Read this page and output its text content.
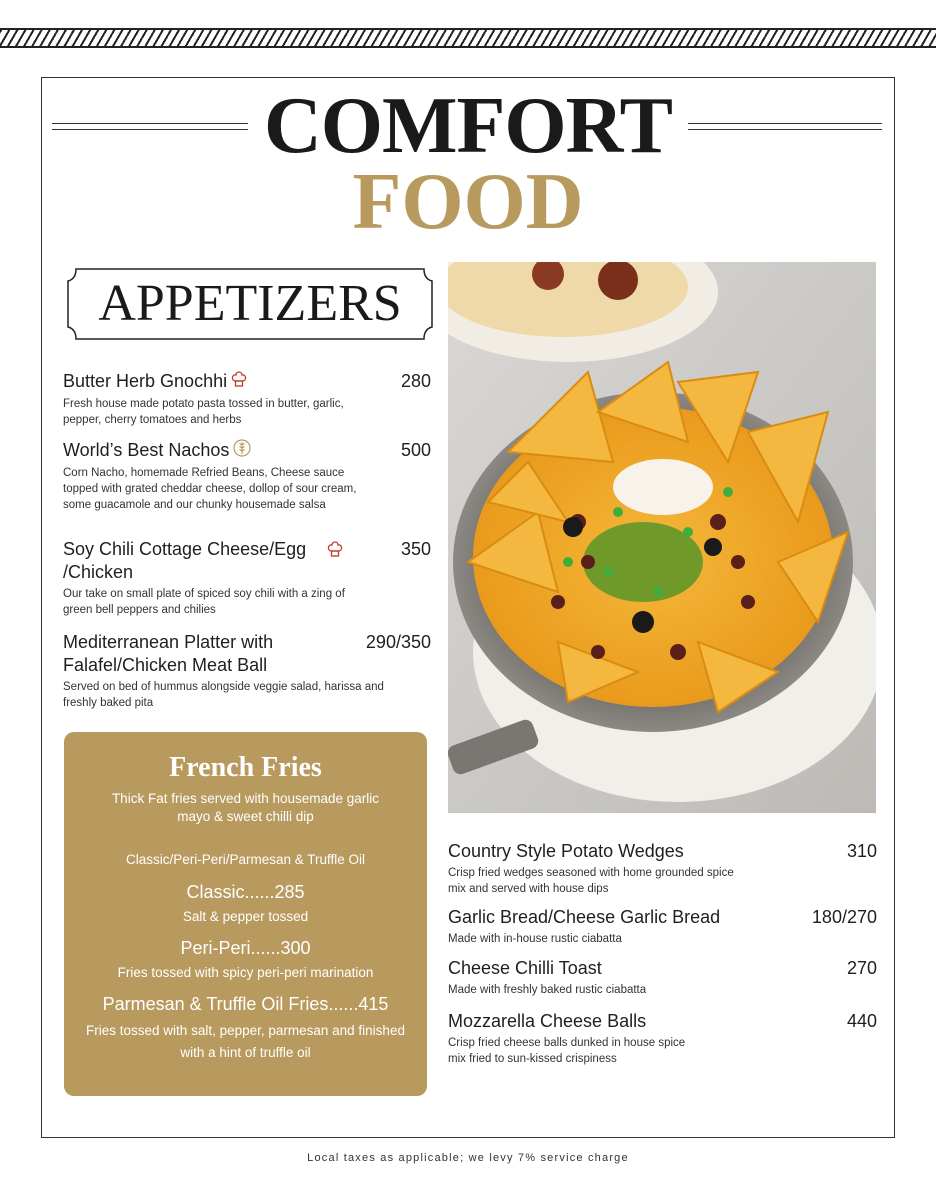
COMFORT
FOOD
APPETIZERS
Butter Herb Gnochhi	280
Fresh house made potato pasta tossed in butter, garlic, pepper, cherry tomatoes and herbs
World’s Best Nachos	500
Corn Nacho, homemade Refried Beans, Cheese sauce topped with grated cheddar cheese, dollop of sour cream, some guacamole and our chunky housemade salsa
Soy Chili Cottage Cheese/Egg /Chicken
350
Our take on small plate of spiced soy chili with a zing of green bell peppers and chilies
Mediterranean Platter with Falafel/Chicken Meat Ball
290/350
Served on bed of hummus alongside veggie salad, harissa and freshly baked pita
French Fries
Thick Fat fries served with housemade garlic mayo & sweet chilli dip
Classic/Peri-Peri/Parmesan & Truffle Oil
Classic......285
Salt & pepper tossed
Peri-Peri......300
Fries tossed with spicy peri-peri marination
Parmesan & Truffle Oil Fries......415
Fries tossed with salt, pepper, parmesan and finished with a hint of truffle oil
Country Style Potato Wedges	310
Crisp fried wedges seasoned with home grounded spice mix and served with house dips
Garlic Bread/Cheese Garlic Bread	180/270
Made with in-house rustic ciabatta
Cheese Chilli Toast	270
Made with freshly baked rustic ciabatta
Mozzarella Cheese Balls	440
Crisp fried cheese balls dunked in house spice mix fried to sun-kissed crispiness
Local taxes as applicable; we levy 7% service charge
